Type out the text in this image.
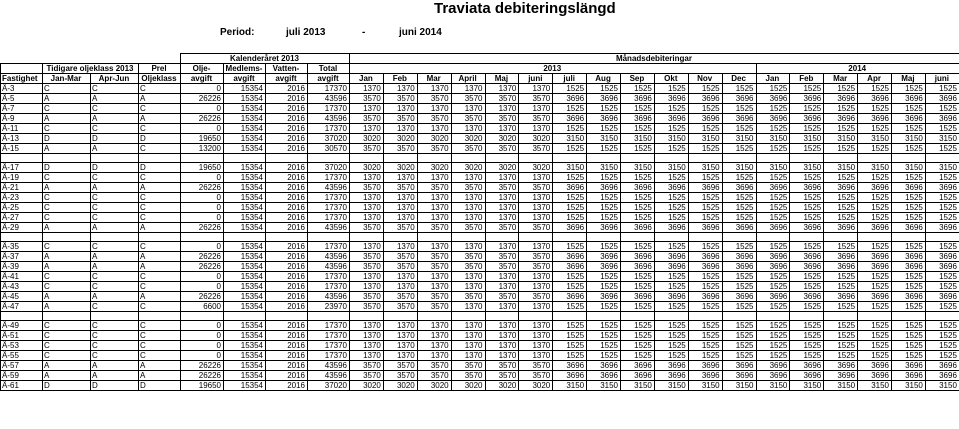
Traviata debiteringslängd
Period:	juli 2013	-	juni 2014
				Kalenderåret 2013				Månadsdebiteringar																	
	Tidigare oljeklass 2013		Prel	Olje-	Medlems-	Vatten-	Total	2013												2014					
Fastighet	Jan-Mar	Apr-Jun	Oljeklass	avgift	avgift	avgift	avgift	Jan	Feb	Mar	April	Maj	juni	juli	Aug	Sep	Okt	Nov	Dec	Jan	Feb	Mar	Apr	Maj	juni
Ä-3	C	C	C	0	15354	2016	17370	1370	1370	1370	1370	1370	1370	1525	1525	1525	1525	1525	1525	1525	1525	1525	1525	1525	1525
Ä-5	A	A	A	26226	15354	2016	43596	3570	3570	3570	3570	3570	3570	3696	3696	3696	3696	3696	3696	3696	3696	3696	3696	3696	3696
Ä-7	C	C	C	0	15354	2016	17370	1370	1370	1370	1370	1370	1370	1525	1525	1525	1525	1525	1525	1525	1525	1525	1525	1525	1525
Ä-9	A	A	A	26226	15354	2016	43596	3570	3570	3570	3570	3570	3570	3696	3696	3696	3696	3696	3696	3696	3696	3696	3696	3696	3696
Ä-11	C	C	C	0	15354	2016	17370	1370	1370	1370	1370	1370	1370	1525	1525	1525	1525	1525	1525	1525	1525	1525	1525	1525	1525
Ä-13	D	D	D	19650	15354	2016	37020	3020	3020	3020	3020	3020	3020	3150	3150	3150	3150	3150	3150	3150	3150	3150	3150	3150	3150
Ä-15	A	A	C	13200	15354	2016	30570	3570	3570	3570	3570	3570	3570	1525	1525	1525	1525	1525	1525	1525	1525	1525	1525	1525	1525

Ä-17	D	D	D	19650	15354	2016	37020	3020	3020	3020	3020	3020	3020	3150	3150	3150	3150	3150	3150	3150	3150	3150	3150	3150	3150
Ä-19	C	C	C	0	15354	2016	17370	1370	1370	1370	1370	1370	1370	1525	1525	1525	1525	1525	1525	1525	1525	1525	1525	1525	1525
Ä-21	A	A	A	26226	15354	2016	43596	3570	3570	3570	3570	3570	3570	3696	3696	3696	3696	3696	3696	3696	3696	3696	3696	3696	3696
Ä-23	C	C	C	0	15354	2016	17370	1370	1370	1370	1370	1370	1370	1525	1525	1525	1525	1525	1525	1525	1525	1525	1525	1525	1525
Ä-25	C	C	C	0	15354	2016	17370	1370	1370	1370	1370	1370	1370	1525	1525	1525	1525	1525	1525	1525	1525	1525	1525	1525	1525
Ä-27	C	C	C	0	15354	2016	17370	1370	1370	1370	1370	1370	1370	1525	1525	1525	1525	1525	1525	1525	1525	1525	1525	1525	1525
Ä-29	A	A	A	26226	15354	2016	43596	3570	3570	3570	3570	3570	3570	3696	3696	3696	3696	3696	3696	3696	3696	3696	3696	3696	3696

Ä-35	C	C	C	0	15354	2016	17370	1370	1370	1370	1370	1370	1370	1525	1525	1525	1525	1525	1525	1525	1525	1525	1525	1525	1525
Ä-37	A	A	A	26226	15354	2016	43596	3570	3570	3570	3570	3570	3570	3696	3696	3696	3696	3696	3696	3696	3696	3696	3696	3696	3696
Ä-39	A	A	A	26226	15354	2016	43596	3570	3570	3570	3570	3570	3570	3696	3696	3696	3696	3696	3696	3696	3696	3696	3696	3696	3696
Ä-41	C	C	C	0	15354	2016	17370	1370	1370	1370	1370	1370	1370	1525	1525	1525	1525	1525	1525	1525	1525	1525	1525	1525	1525
Ä-43	C	C	C	0	15354	2016	17370	1370	1370	1370	1370	1370	1370	1525	1525	1525	1525	1525	1525	1525	1525	1525	1525	1525	1525
Ä-45	A	A	A	26226	15354	2016	43596	3570	3570	3570	3570	3570	3570	3696	3696	3696	3696	3696	3696	3696	3696	3696	3696	3696	3696
Ä-47	A	C	C	6600	15354	2016	23970	3570	3570	3570	1370	1370	1370	1525	1525	1525	1525	1525	1525	1525	1525	1525	1525	1525	1525

Ä-49	C	C	C	0	15354	2016	17370	1370	1370	1370	1370	1370	1370	1525	1525	1525	1525	1525	1525	1525	1525	1525	1525	1525	1525
Ä-51	C	C	C	0	15354	2016	17370	1370	1370	1370	1370	1370	1370	1525	1525	1525	1525	1525	1525	1525	1525	1525	1525	1525	1525
Ä-53	C	C	C	0	15354	2016	17370	1370	1370	1370	1370	1370	1370	1525	1525	1525	1525	1525	1525	1525	1525	1525	1525	1525	1525
Ä-55	C	C	C	0	15354	2016	17370	1370	1370	1370	1370	1370	1370	1525	1525	1525	1525	1525	1525	1525	1525	1525	1525	1525	1525
Ä-57	A	A	A	26226	15354	2016	43596	3570	3570	3570	3570	3570	3570	3696	3696	3696	3696	3696	3696	3696	3696	3696	3696	3696	3696
Ä-59	A	A	A	26226	15354	2016	43596	3570	3570	3570	3570	3570	3570	3696	3696	3696	3696	3696	3696	3696	3696	3696	3696	3696	3696
Ä-61	D	D	D	19650	15354	2016	37020	3020	3020	3020	3020	3020	3020	3150	3150	3150	3150	3150	3150	3150	3150	3150	3150	3150	3150
